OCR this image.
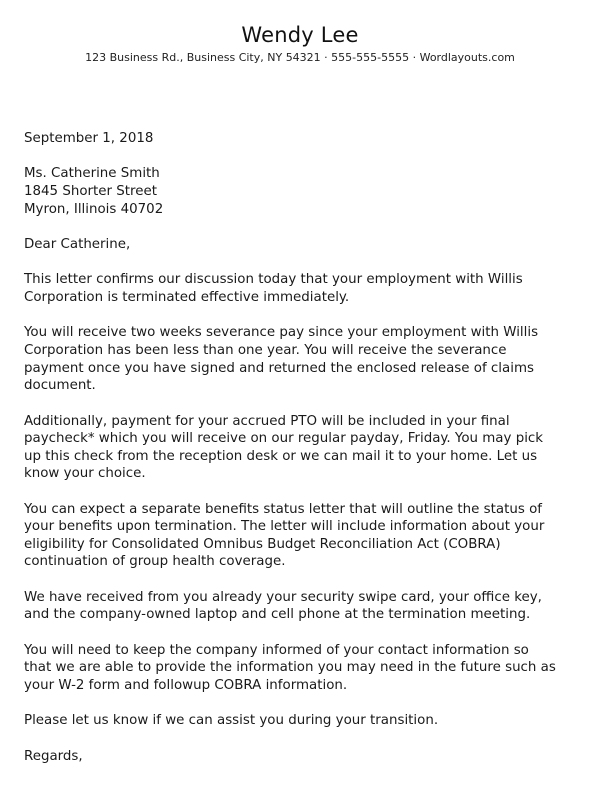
Wendy Lee
123 Business Rd., Business City, NY 54321 · 555-555-5555 · Wordlayouts.com
September 1, 2018
Ms. Catherine Smith
1845 Shorter Street
Myron, Illinois 40702
Dear Catherine,
This letter confirms our discussion today that your employment with Willis
Corporation is terminated effective immediately.
You will receive two weeks severance pay since your employment with Willis
Corporation has been less than one year. You will receive the severance
payment once you have signed and returned the enclosed release of claims
document.
Additionally, payment for your accrued PTO will be included in your final
paycheck* which you will receive on our regular payday, Friday. You may pick
up this check from the reception desk or we can mail it to your home. Let us
know your choice.
You can expect a separate benefits status letter that will outline the status of
your benefits upon termination. The letter will include information about your
eligibility for Consolidated Omnibus Budget Reconciliation Act (COBRA)
continuation of group health coverage.
We have received from you already your security swipe card, your office key,
and the company-owned laptop and cell phone at the termination meeting.
You will need to keep the company informed of your contact information so
that we are able to provide the information you may need in the future such as
your W-2 form and followup COBRA information.
Please let us know if we can assist you during your transition.
Regards,
